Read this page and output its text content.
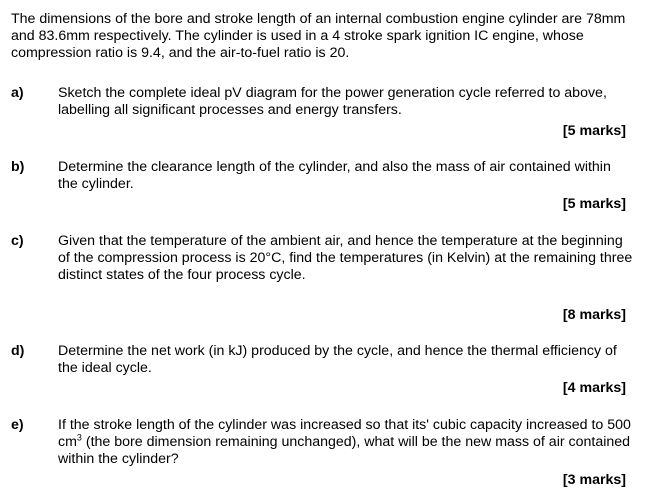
The dimensions of the bore and stroke length of an internal combustion engine cylinder are 78mm and 83.6mm respectively. The cylinder is used in a 4 stroke spark ignition IC engine, whose compression ratio is 9.4, and the air-to-fuel ratio is 20.

a) Sketch the complete ideal pV diagram for the power generation cycle referred to above, labelling all significant processes and energy transfers.

[5 marks]
b) Determine the clearance length of the cylinder, and also the mass of air contained within the cylinder.

[5 marks]
c) Given that the temperature of the ambient air, and hence the temperature at the beginning of the compression process is 20°C, find the temperatures (in Kelvin) at the remaining three distinct states of the four process cycle.

[8 marks]
d) Determine the net work (in kJ) produced by the cycle, and hence the thermal efficiency of the ideal cycle.

[4 marks]
e) If the stroke length of the cylinder was increased so that its' cubic capacity increased to 500 $cm^3$ (the bore dimension remaining unchanged), what will be the new mass of air contained within the cylinder?

[3 marks]
